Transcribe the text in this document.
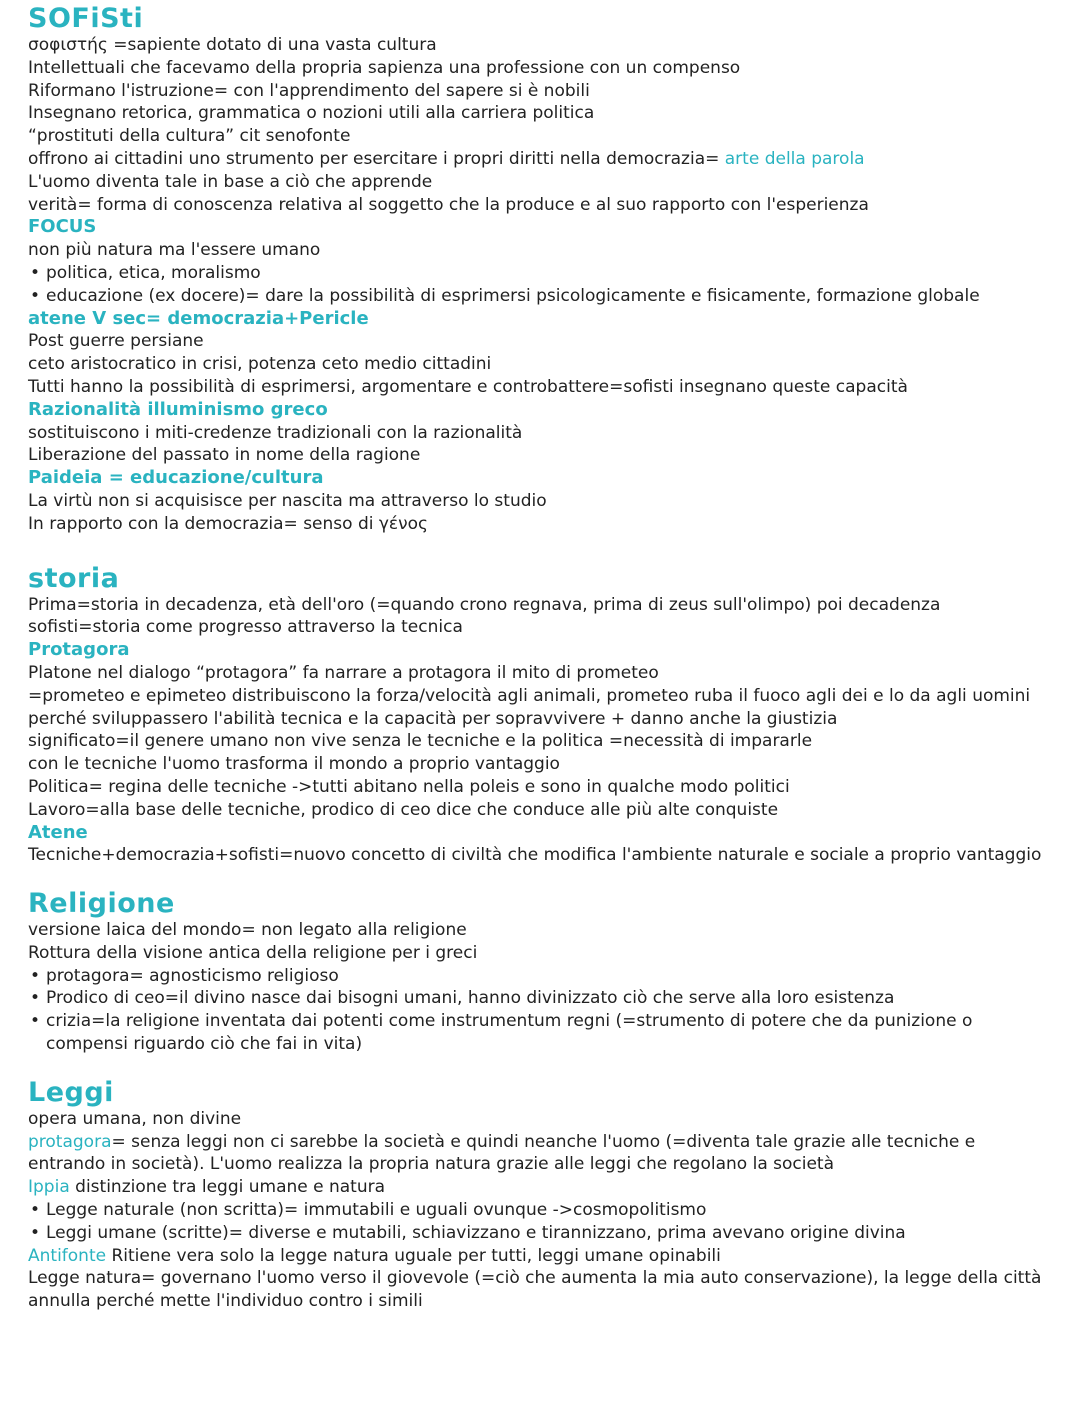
SOFiSti
σοφιστής =sapiente dotato di una vasta cultura
Intellettuali che facevamo della propria sapienza una professione con un compenso
Riformano l'istruzione= con l'apprendimento del sapere si è nobili
Insegnano retorica, grammatica o nozioni utili alla carriera politica
“prostituti della cultura” cit senofonte
offrono ai cittadini uno strumento per esercitare i propri diritti nella democrazia= arte della parola
L'uomo diventa tale in base a ciò che apprende
verità= forma di conoscenza relativa al soggetto che la produce e al suo rapporto con l'esperienza
FOCUS
non più natura ma l'essere umano
• politica, etica, moralismo
• educazione (ex docere)= dare la possibilità di esprimersi psicologicamente e fisicamente, formazione globale
atene V sec= democrazia+Pericle
Post guerre persiane
ceto aristocratico in crisi, potenza ceto medio cittadini
Tutti hanno la possibilità di esprimersi, argomentare e controbattere=sofisti insegnano queste capacità
Razionalità illuminismo greco
sostituiscono i miti-credenze tradizionali con la razionalità
Liberazione del passato in nome della ragione
Paideia = educazione/cultura
La virtù non si acquisisce per nascita ma attraverso lo studio
In rapporto con la democrazia= senso di γένος
storia
Prima=storia in decadenza, età dell'oro (=quando crono regnava, prima di zeus sull'olimpo) poi decadenza
sofisti=storia come progresso attraverso la tecnica
Protagora
Platone nel dialogo “protagora” fa narrare a protagora il mito di prometeo
=prometeo e epimeteo distribuiscono la forza/velocità agli animali, prometeo ruba il fuoco agli dei e lo da agli uomini perché sviluppassero l'abilità tecnica e la capacità per sopravvivere + danno anche la giustizia
significato=il genere umano non vive senza le tecniche e la politica =necessità di impararle
con le tecniche l'uomo trasforma il mondo a proprio vantaggio
Politica= regina delle tecniche ->tutti abitano nella poleis e sono in qualche modo politici
Lavoro=alla base delle tecniche, prodico di ceo dice che conduce alle più alte conquiste
Atene
Tecniche+democrazia+sofisti=nuovo concetto di civiltà che modifica l'ambiente naturale e sociale a proprio vantaggio
Religione
versione laica del mondo= non legato alla religione
Rottura della visione antica della religione per i greci
• protagora= agnosticismo religioso
• Prodico di ceo=il divino nasce dai bisogni umani, hanno divinizzato ciò che serve alla loro esistenza
• crizia=la religione inventata dai potenti come instrumentum regni (=strumento di potere che da punizione o compensi riguardo ciò che fai in vita)
Leggi
opera umana, non divine
protagora= senza leggi non ci sarebbe la società e quindi neanche l'uomo (=diventa tale grazie alle tecniche e entrando in società). L'uomo realizza la propria natura grazie alle leggi che regolano la società
Ippia distinzione tra leggi umane e natura
• Legge naturale (non scritta)= immutabili e uguali ovunque ->cosmopolitismo
• Leggi umane (scritte)= diverse e mutabili, schiavizzano e tirannizzano, prima avevano origine divina
Antifonte Ritiene vera solo la legge natura uguale per tutti, leggi umane opinabili
Legge natura= governano l'uomo verso il giovevole (=ciò che aumenta la mia auto conservazione), la legge della città annulla perché mette l'individuo contro i simili
